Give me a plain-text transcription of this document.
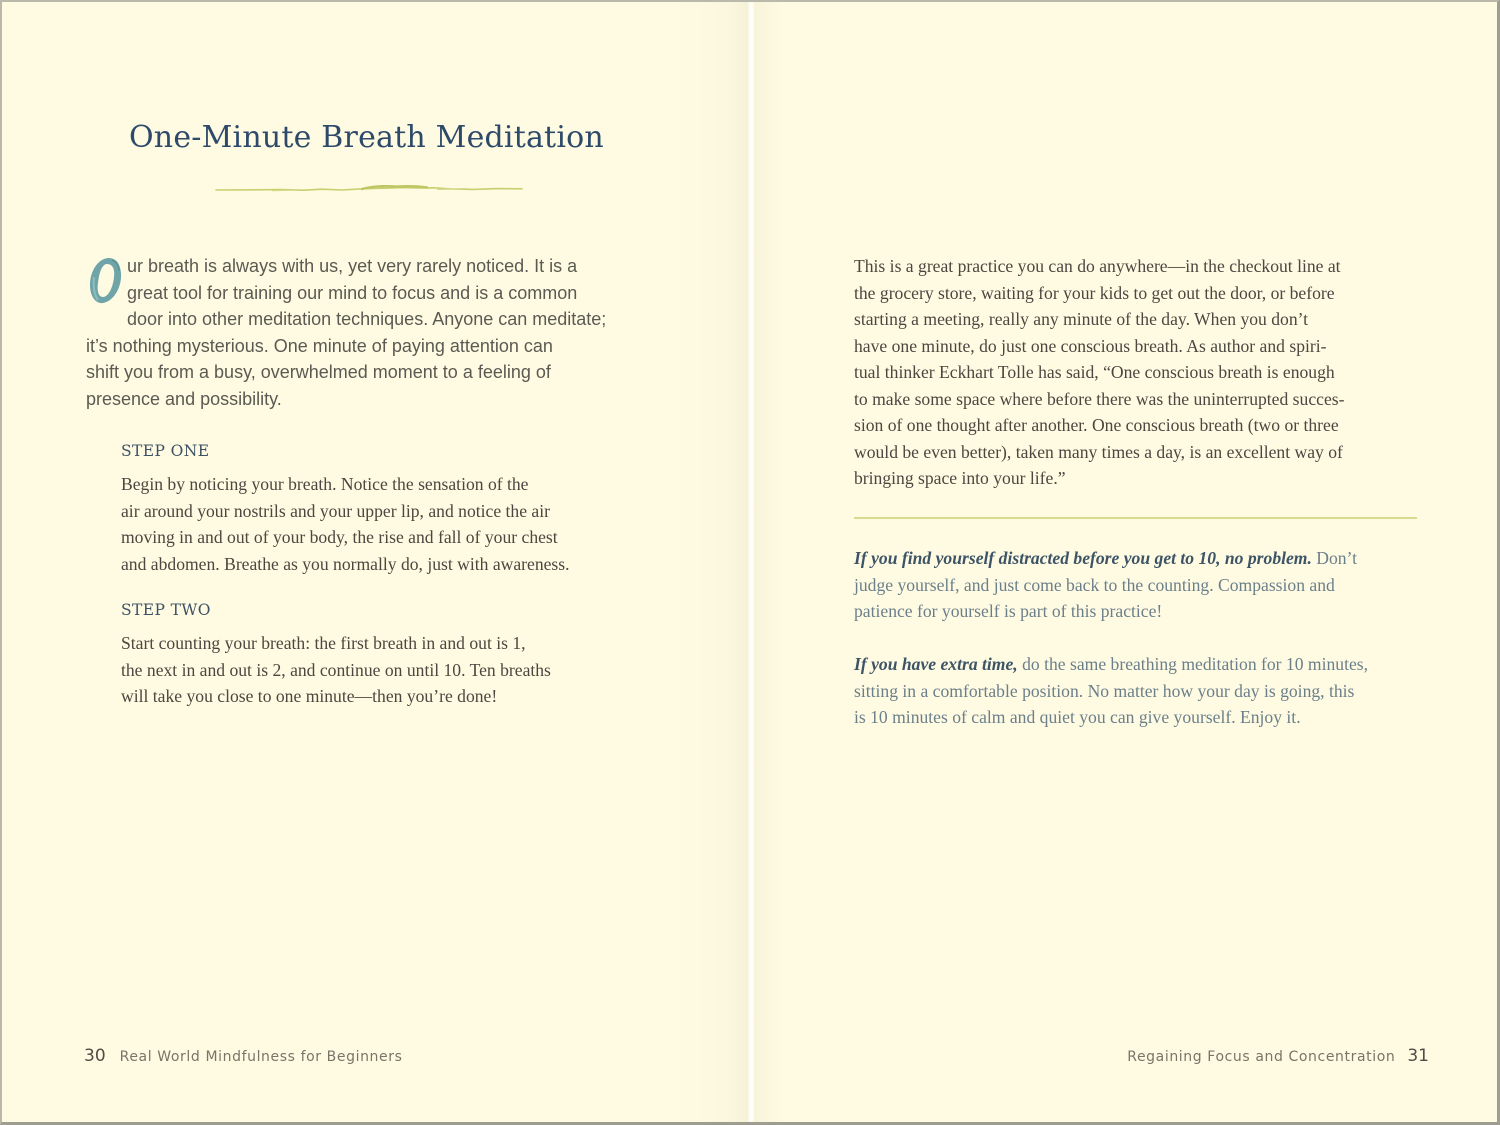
One-Minute Breath Meditation

ur breath is always with us, yet very rarely noticed. It is a
great tool for training our mind to focus and is a common
door into other meditation techniques. Anyone can meditate;
it’s nothing mysterious. One minute of paying attention can
shift you from a busy, overwhelmed moment to a feeling of
presence and possibility.

STEP ONE

Begin by noticing your breath. Notice the sensation of the
air around your nostrils and your upper lip, and notice the air
moving in and out of your body, the rise and fall of your chest
and abdomen. Breathe as you normally do, just with awareness.

STEP TWO

Start counting your breath: the first breath in and out is 1,
the next in and out is 2, and continue on until 10. Ten breaths
will take you close to one minute—then you’re done!

30 Real World Mindfulness for Beginners

This is a great practice you can do anywhere—in the checkout line at
the grocery store, waiting for your kids to get out the door, or before
starting a meeting, really any minute of the day. When you don’t
have one minute, do just one conscious breath. As author and spiri-
tual thinker Eckhart Tolle has said, “One conscious breath is enough
to make some space where before there was the uninterrupted succes-
sion of one thought after another. One conscious breath (two or three
would be even better), taken many times a day, is an excellent way of
bringing space into your life.”

If you find yourself distracted before you get to 10, no problem. Don’t
judge yourself, and just come back to the counting. Compassion and
patience for yourself is part of this practice!

If you have extra time, do the same breathing meditation for 10 minutes,
sitting in a comfortable position. No matter how your day is going, this
is 10 minutes of calm and quiet you can give yourself. Enjoy it.

Regaining Focus and Concentration 31
